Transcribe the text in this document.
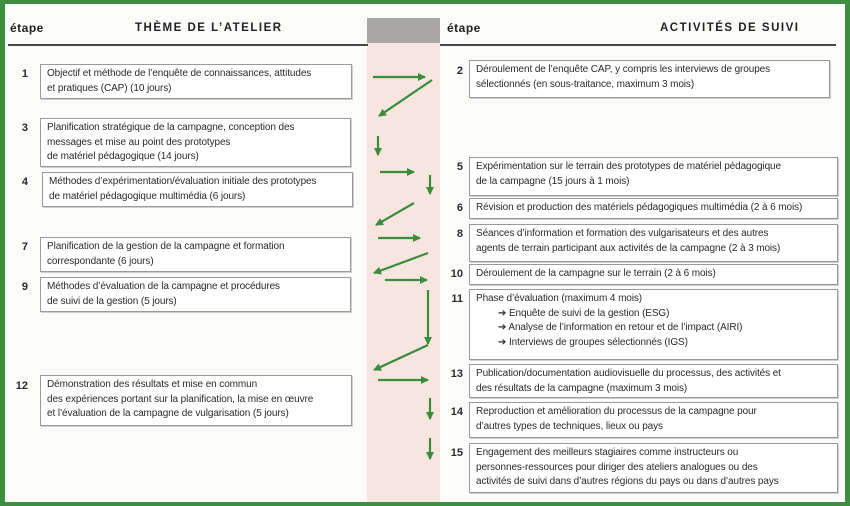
étape	THÈME DE L’ATELIER	étape	ACTIVITÉS DE SUIVI
1	Objectif et méthode de l’enquête de connaissances, attitudes
et pratiques (CAP) (10 jours)
3	Planification stratégique de la campagne, conception des
messages et mise au point des prototypes
de matériel pédagogique (14 jours)
4	Méthodes d’expérimentation/évaluation initiale des prototypes
de matériel pédagogique multimédia (6 jours)
7	Planification de la gestion de la campagne et formation
correspondante (6 jours)
9	Méthodes d’évaluation de la campagne et procédures
de suivi de la gestion (5 jours)
12	Démonstration des résultats et mise en commun
des expériences portant sur la planification, la mise en œuvre
et l’évaluation de la campagne de vulgarisation (5 jours)
2	Déroulement de l’enquête CAP, y compris les interviews de groupes
sélectionnés (en sous-traitance, maximum 3 mois)
5	Expérimentation sur le terrain des prototypes de matériel pédagogique
de la campagne (15 jours à 1 mois)
6	Révision et production des matériels pédagogiques multimédia (2 à 6 mois)
8	Séances d’information et formation des vulgarisateurs et des autres
agents de terrain participant aux activités de la campagne (2 à 3 mois)
10	Déroulement de la campagne sur le terrain (2 à 6 mois)
11 Phase d’évaluation (maximum 4 mois)
➔ Enquête de suivi de la gestion (ESG)
➔ Analyse de l’information en retour et de l’impact (AIRI)
➔ Interviews de groupes sélectionnés (IGS)
13	Publication/documentation audiovisuelle du processus, des activités et
des résultats de la campagne (maximum 3 mois)
14	Reproduction et amélioration du processus de la campagne pour
d’autres types de techniques, lieux ou pays
15	Engagement des meilleurs stagiaires comme instructeurs ou
personnes-ressources pour diriger des ateliers analogues ou des
activités de suivi dans d’autres régions du pays ou dans d’autres pays
